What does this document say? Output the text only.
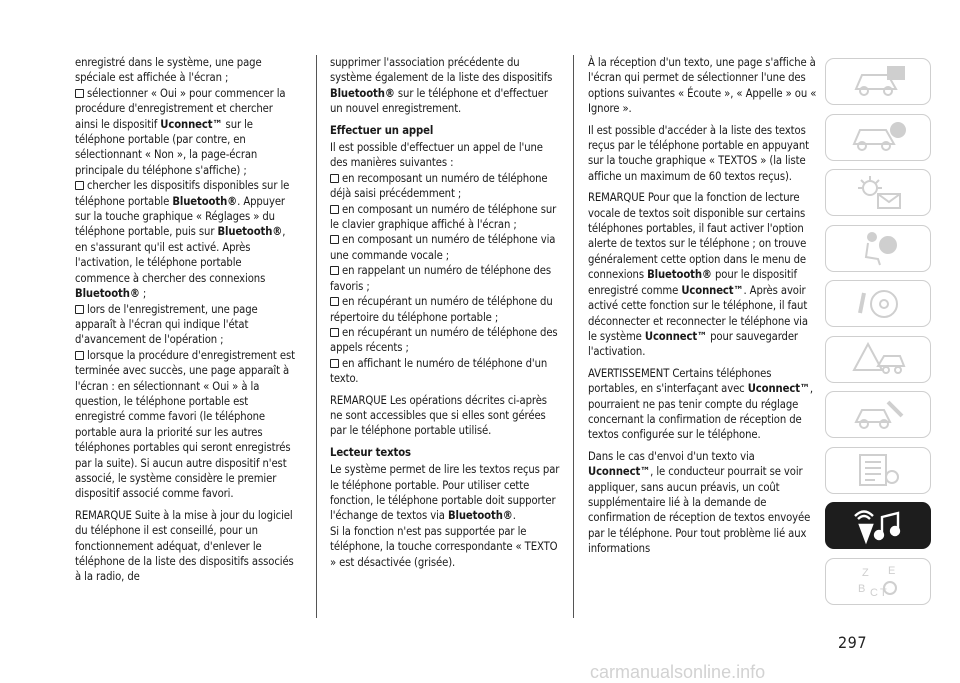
enregistré dans le système, une page spéciale est affichée à l'écran ;
sélectionner « Oui » pour commencer la procédure d'enregistrement et chercher ainsi le dispositif Uconnect™ sur le téléphone portable (par contre, en sélectionnant « Non », la page-écran principale du téléphone s'affiche) ;
chercher les dispositifs disponibles sur le téléphone portable Bluetooth®. Appuyer sur la touche graphique « Réglages » du téléphone portable, puis sur Bluetooth®, en s'assurant qu'il est activé. Après l'activation, le téléphone portable commence à chercher des connexions Bluetooth® ;
lors de l'enregistrement, une page apparaît à l'écran qui indique l'état d'avancement de l'opération ;
lorsque la procédure d'enregistrement est terminée avec succès, une page apparaît à l'écran : en sélectionnant « Oui » à la question, le téléphone portable est enregistré comme favori (le téléphone portable aura la priorité sur les autres téléphones portables qui seront enregistrés par la suite). Si aucun autre dispositif n'est associé, le système considère le premier dispositif associé comme favori.

REMARQUE Suite à la mise à jour du logiciel du téléphone il est conseillé, pour un fonctionnement adéquat, d'enlever le téléphone de la liste des dispositifs associés à la radio, de

supprimer l'association précédente du système également de la liste des dispositifs Bluetooth® sur le téléphone et d'effectuer un nouvel enregistrement.

Effectuer un appel

Il est possible d'effectuer un appel de l'une des manières suivantes :

en recomposant un numéro de téléphone déjà saisi précédemment ;
en composant un numéro de téléphone sur le clavier graphique affiché à l'écran ;
en composant un numéro de téléphone via une commande vocale ;
en rappelant un numéro de téléphone des favoris ;
en récupérant un numéro de téléphone du répertoire du téléphone portable ;
en récupérant un numéro de téléphone des appels récents ;
en affichant le numéro de téléphone d'un texto.

REMARQUE Les opérations décrites ci-après ne sont accessibles que si elles sont gérées par le téléphone portable utilisé.

Lecteur textos

Le système permet de lire les textos reçus par le téléphone portable. Pour utiliser cette fonction, le téléphone portable doit supporter l'échange de textos via Bluetooth®.

Si la fonction n'est pas supportée par le téléphone, la touche correspondante « TEXTO » est désactivée (grisée).

À la réception d'un texto, une page s'affiche à l'écran qui permet de sélectionner l'une des options suivantes « Écoute », « Appelle » ou « Ignore ».

Il est possible d'accéder à la liste des textos reçus par le téléphone portable en appuyant sur la touche graphique « TEXTOS » (la liste affiche un maximum de 60 textos reçus).

REMARQUE Pour que la fonction de lecture vocale de textos soit disponible sur certains téléphones portables, il faut activer l'option alerte de textos sur le téléphone ; on trouve généralement cette option dans le menu de connexions Bluetooth® pour le dispositif enregistré comme Uconnect™. Après avoir activé cette fonction sur le téléphone, il faut déconnecter et reconnecter le téléphone via le système Uconnect™ pour sauvegarder l'activation.

AVERTISSEMENT Certains téléphones portables, en s'interfaçant avec Uconnect™, pourraient ne pas tenir compte du réglage concernant la confirmation de réception de textos configurée sur le téléphone.

Dans le cas d'envoi d'un texto via Uconnect™, le conducteur pourrait se voir appliquer, sans aucun préavis, un coût supplémentaire lié à la demande de confirmation de réception de textos envoyée par le téléphone. Pour tout problème lié aux informations

Z E
B C T
297
carmanualsonline.info
